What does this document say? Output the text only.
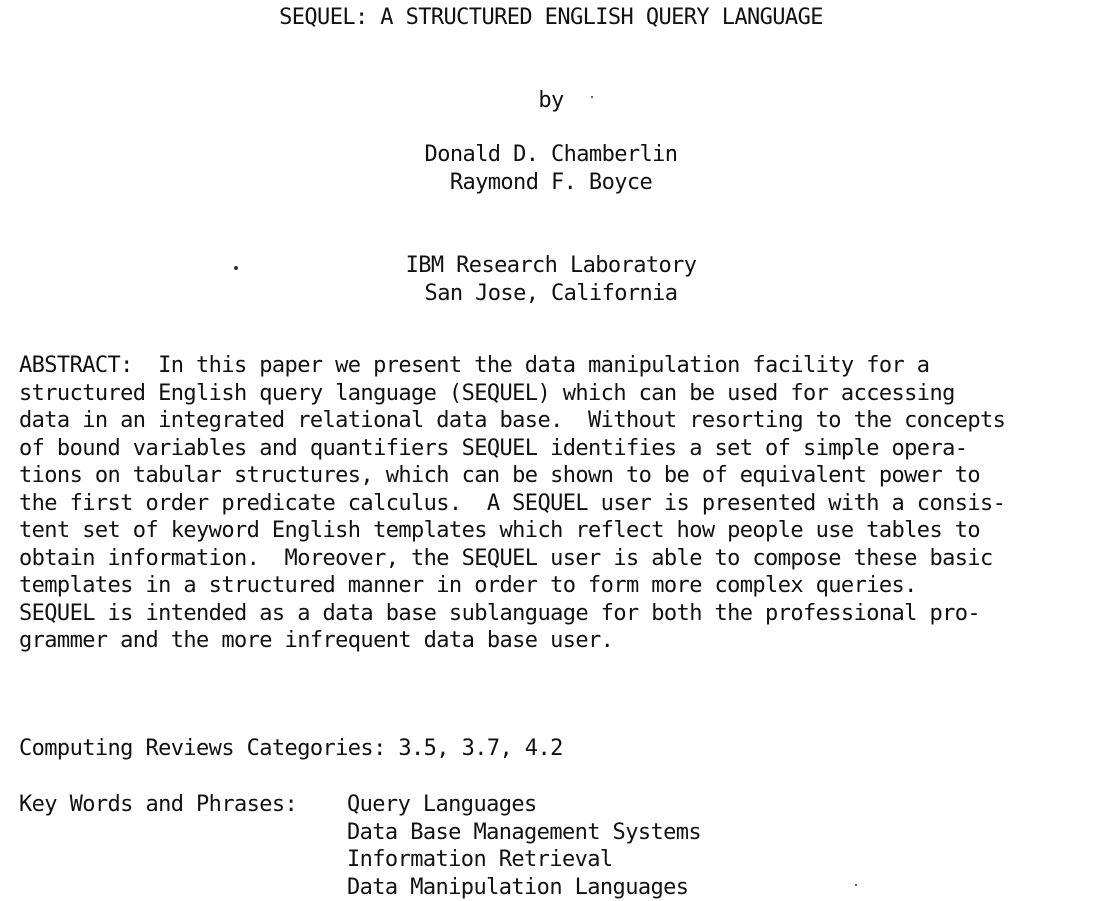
SEQUEL: A STRUCTURED ENGLISH QUERY LANGUAGE
by
Donald D. Chamberlin
Raymond F. Boyce
IBM Research Laboratory
San Jose, California
ABSTRACT:  In this paper we present the data manipulation facility for a
structured English query language (SEQUEL) which can be used for accessing
data in an integrated relational data base.  Without resorting to the concepts
of bound variables and quantifiers SEQUEL identifies a set of simple opera-
tions on tabular structures, which can be shown to be of equivalent power to
the first order predicate calculus.  A SEQUEL user is presented with a consis-
tent set of keyword English templates which reflect how people use tables to
obtain information.  Moreover, the SEQUEL user is able to compose these basic
templates in a structured manner in order to form more complex queries.
SEQUEL is intended as a data base sublanguage for both the professional pro-
grammer and the more infrequent data base user.
Computing Reviews Categories: 3.5, 3.7, 4.2
Key Words and Phrases: Query Languages
Data Base Management Systems
Information Retrieval
Data Manipulation Languages
